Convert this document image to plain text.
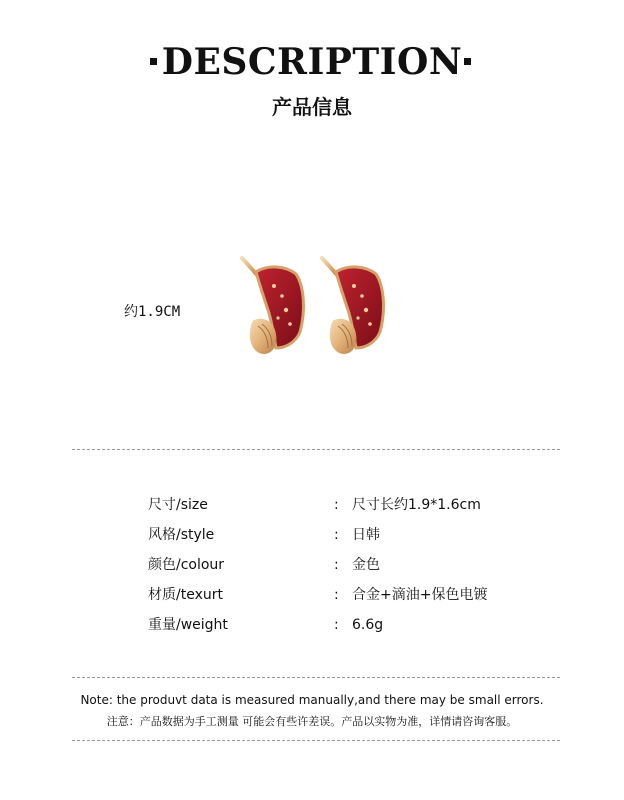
DESCRIPTION
产品信息
约1.9CM
尺寸/size	: 尺寸长约1.9*1.6cm
风格/style	: 日韩
颜色/colour	: 金色
材质/texurt	: 合金+滴油+保色电镀
重量/weight	: 6.6g
Note: the produvt data is measured manually,and there may be small errors.
注意：产品数据为手工测量 可能会有些许差误。产品以实物为准，详情请咨询客服。
